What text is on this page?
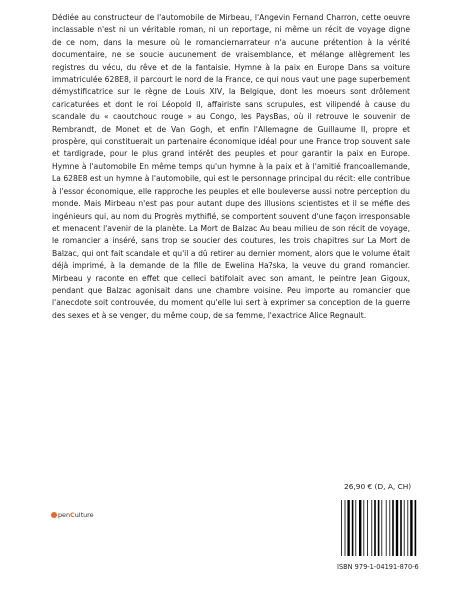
Dédiée au constructeur de l'automobile de Mirbeau, l'Angevin Fernand Charron, cette oeuvre inclassable n'est ni un véritable roman, ni un reportage, ni même un récit de voyage digne de ce nom, dans la mesure où le romanciernarrateur n'a aucune prétention à la vérité documentaire, ne se soucie aucunement de vraisemblance, et mélange allègrement les registres du vécu, du rêve et de la fantaisie. Hymne à la paix en Europe Dans sa voiture immatriculée 628E8, il parcourt le nord de la France, ce qui nous vaut une page superbement démystificatrice sur le règne de Louis XIV, la Belgique, dont les moeurs sont drôlement caricaturées et dont le roi Léopold II, affairiste sans scrupules, est vilipendé à cause du scandale du « caoutchouc rouge » au Congo, les PaysBas, où il retrouve le souvenir de Rembrandt, de Monet et de Van Gogh, et enfin l'Allemagne de Guillaume II, propre et prospère, qui constituerait un partenaire économique idéal pour une France trop souvent sale et tardigrade, pour le plus grand intérêt des peuples et pour garantir la paix en Europe. Hymne à l'automobile En même temps qu'un hymne à la paix et à l'amitié francoallemande, La 628E8 est un hymne à l'automobile, qui est le personnage principal du récit: elle contribue à l'essor économique, elle rapproche les peuples et elle bouleverse aussi notre perception du monde. Mais Mirbeau n'est pas pour autant dupe des illusions scientistes et il se méfie des ingénieurs qui, au nom du Progrès mythifié, se comportent souvent d'une façon irresponsable et menacent l'avenir de la planète. La Mort de Balzac Au beau milieu de son récit de voyage, le romancier a inséré, sans trop se soucier des coutures, les trois chapitres sur La Mort de Balzac, qui ont fait scandale et qu'il a dû retirer au dernier moment, alors que le volume était déjà imprimé, à la demande de la fille de Ewelina Ha?ska, la veuve du grand romancier. Mirbeau y raconte en effet que celleci batifolait avec son amant, le peintre Jean Gigoux, pendant que Balzac agonisait dans une chambre voisine. Peu importe au romancier que l'anecdote soit controuvée, du moment qu'elle lui sert à exprimer sa conception de la guerre des sexes et à se venger, du même coup, de sa femme, l'exactrice Alice Regnault.

26,90 € (D, A, CH)
pen C ulture
ISBN 979-1-04191-870-6
